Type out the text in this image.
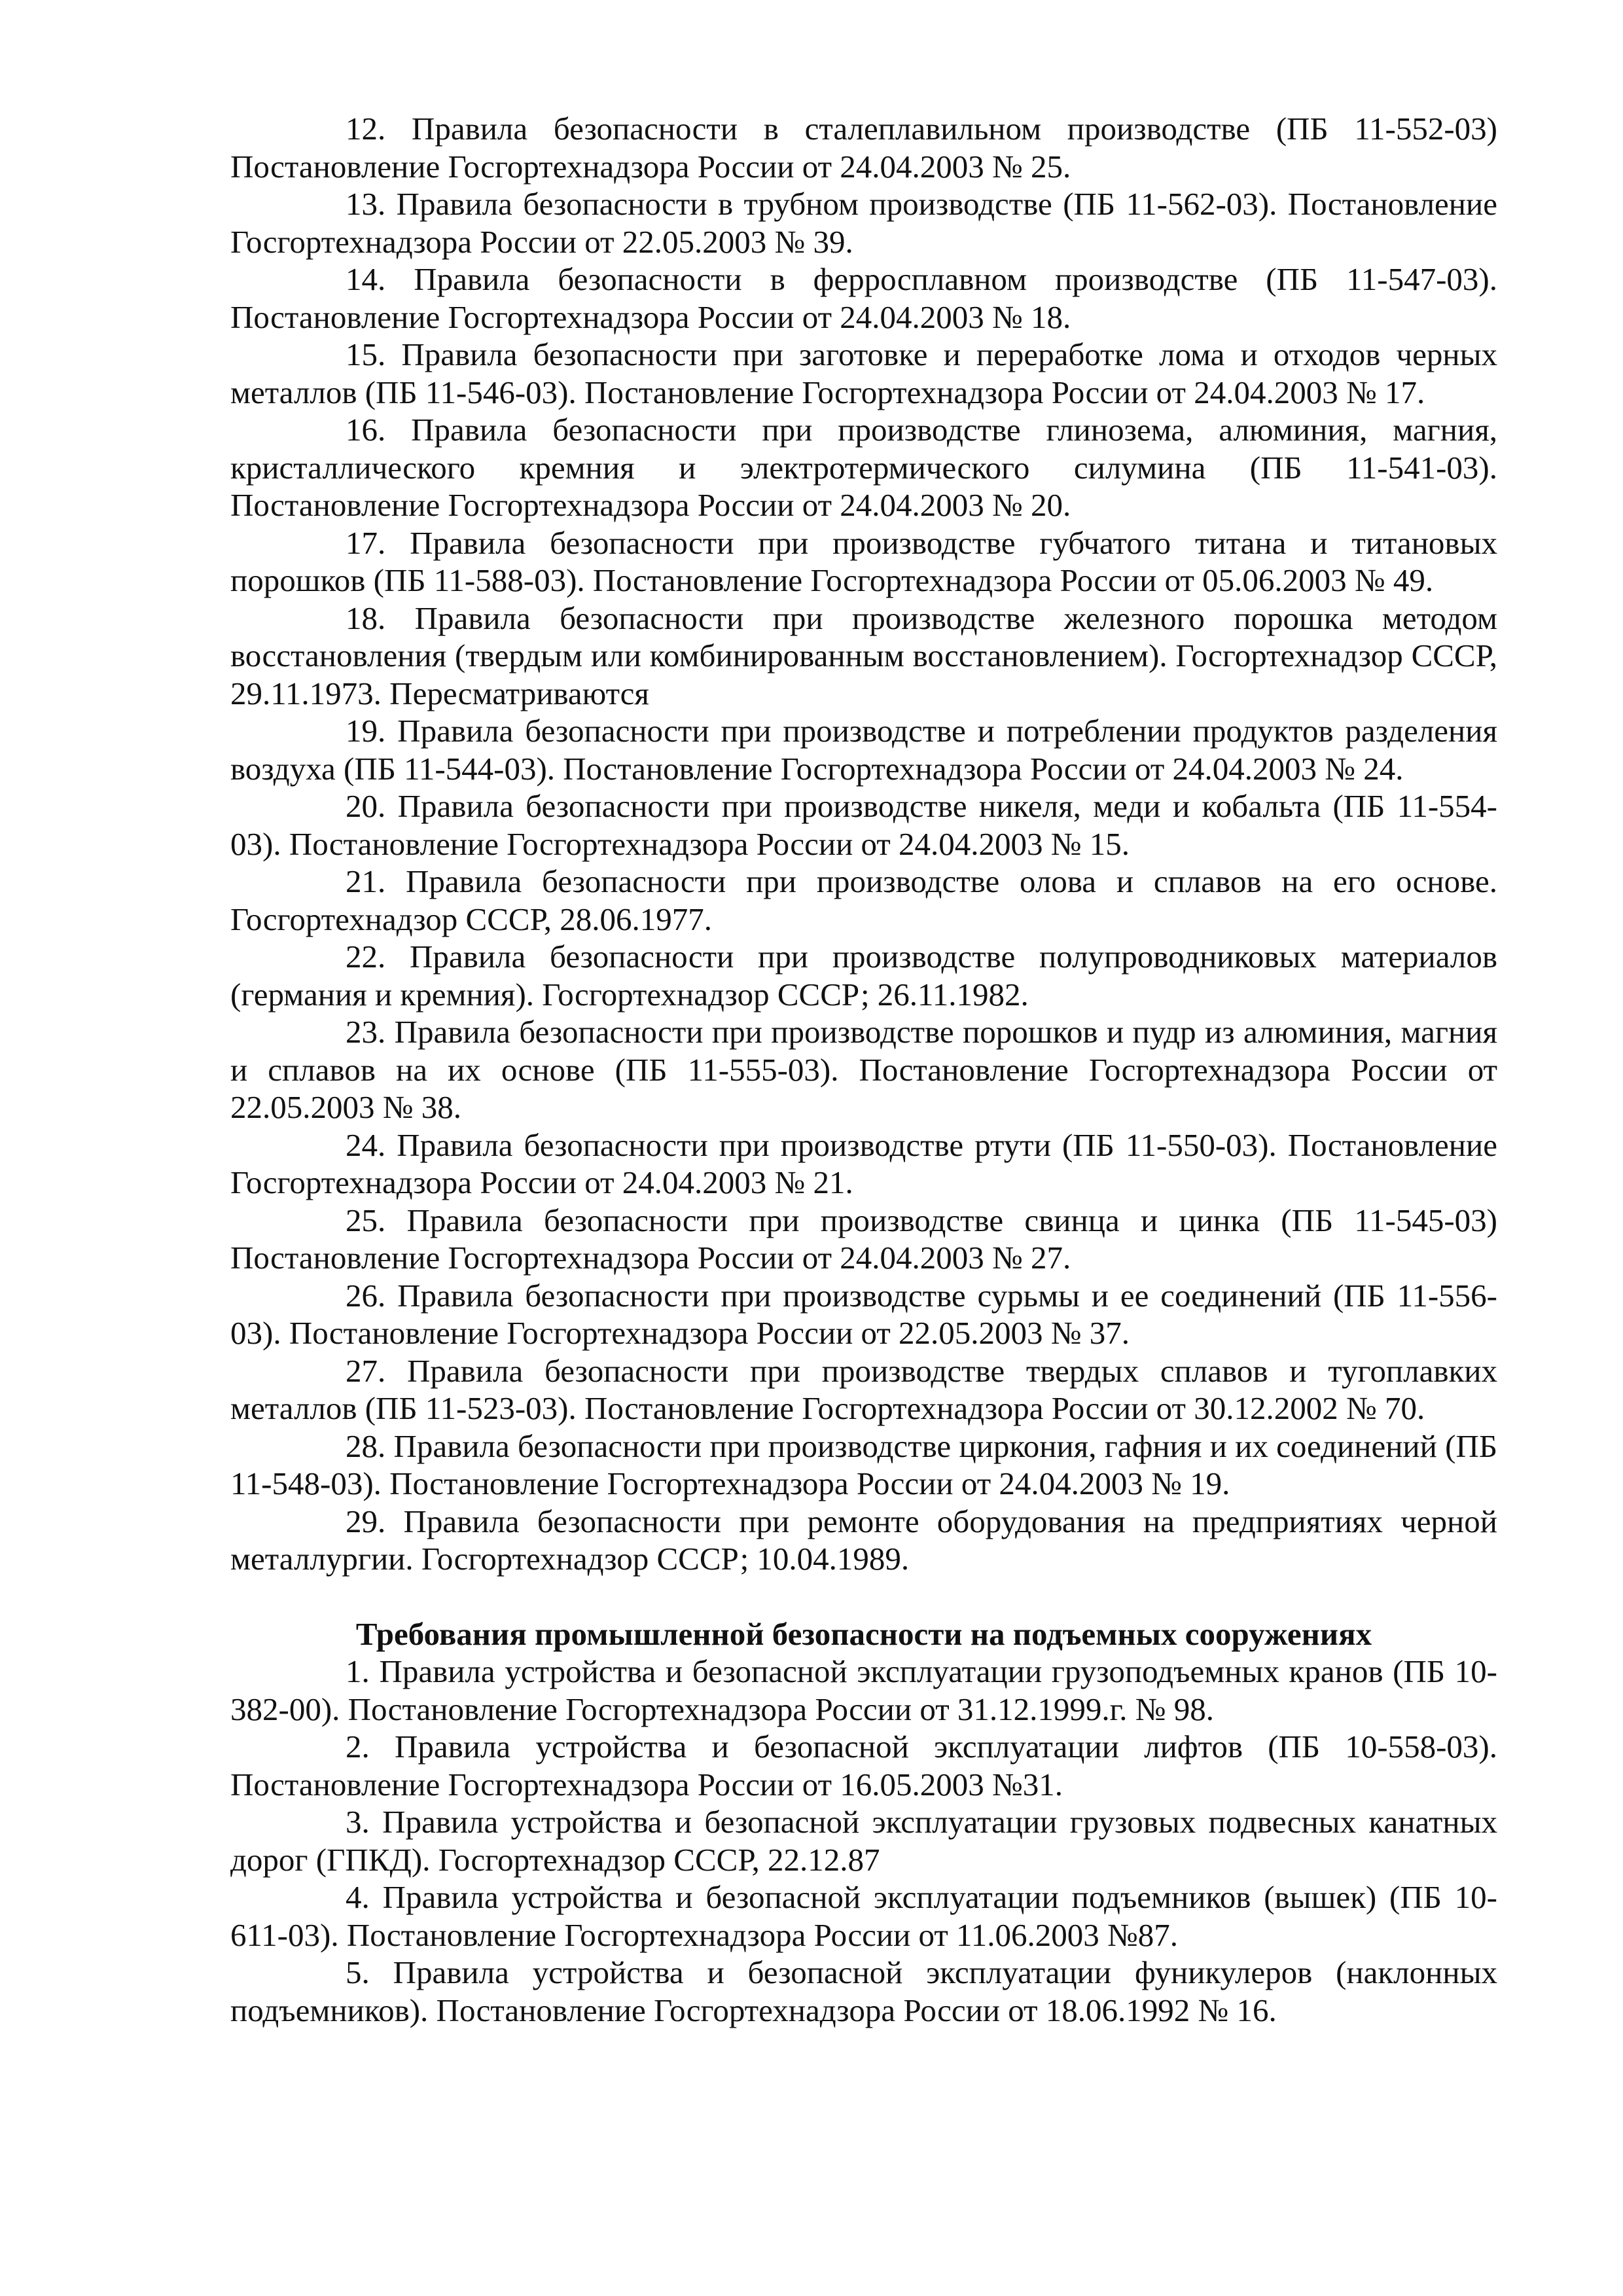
12. Правила безопасности в сталеплавильном производстве (ПБ 11-552-03) Постановление Госгортехнадзора России от 24.04.2003 № 25.

13. Правила безопасности в трубном производстве (ПБ 11-562-03). Постановление Госгортехнадзора России от 22.05.2003 № 39.

14. Правила безопасности в ферросплавном производстве (ПБ 11-547-03). Постановление Госгортехнадзора России от 24.04.2003 № 18.

15. Правила безопасности при заготовке и переработке лома и отходов черных металлов (ПБ 11-546-03). Постановление Госгортехнадзора России от 24.04.2003 № 17.

16. Правила безопасности при производстве глинозема, алюминия, магния, кристаллического кремния и электротермического силумина (ПБ 11-541-03). Постановление Госгортехнадзора России от 24.04.2003 № 20.

17. Правила безопасности при производстве губчатого титана и титановых порошков (ПБ 11-588-03). Постановление Госгортехнадзора России от 05.06.2003 № 49.

18. Правила безопасности при производстве железного порошка методом восстановления (твердым или комбинированным восстановлением). Госгортехнадзор СССР, 29.11.1973. Пересматриваются

19. Правила безопасности при производстве и потреблении продуктов разделения воздуха (ПБ 11-544-03). Постановление Госгортехнадзора России от 24.04.2003 № 24.

20. Правила безопасности при производстве никеля, меди и кобальта (ПБ 11-554-03). Постановление Госгортехнадзора России от 24.04.2003 № 15.

21. Правила безопасности при производстве олова и сплавов на его основе. Госгортехнадзор СССР, 28.06.1977.

22. Правила безопасности при производстве полупроводниковых материалов (германия и кремния). Госгортехнадзор СССР; 26.11.1982.

23. Правила безопасности при производстве порошков и пудр из алюминия, магния и сплавов на их основе (ПБ 11-555-03). Постановление Госгортехнадзора России от 22.05.2003 № 38.

24. Правила безопасности при производстве ртути (ПБ 11-550-03). Постановление Госгортехнадзора России от 24.04.2003 № 21.

25. Правила безопасности при производстве свинца и цинка (ПБ 11-545-03) Постановление Госгортехнадзора России от 24.04.2003 № 27.

26. Правила безопасности при производстве сурьмы и ее соединений (ПБ 11-556-03). Постановление Госгортехнадзора России от 22.05.2003 № 37.

27. Правила безопасности при производстве твердых сплавов и тугоплавких металлов (ПБ 11-523-03). Постановление Госгортехнадзора России от 30.12.2002 № 70.

28. Правила безопасности при производстве циркония, гафния и их соединений (ПБ 11-548-03). Постановление Госгортехнадзора России от 24.04.2003 № 19.

29. Правила безопасности при ремонте оборудования на предприятиях черной металлургии. Госгортехнадзор СССР; 10.04.1989.

Требования промышленной безопасности на подъемных сооружениях

1. Правила устройства и безопасной эксплуатации грузоподъемных кранов (ПБ 10-382-00). Постановление Госгортехнадзора России от 31.12.1999.г. № 98.

2. Правила устройства и безопасной эксплуатации лифтов (ПБ 10-558-03). Постановление Госгортехнадзора России от 16.05.2003 №31.

3. Правила устройства и безопасной эксплуатации грузовых подвесных канатных дорог (ГПКД). Госгортехнадзор СССР, 22.12.87

4. Правила устройства и безопасной эксплуатации подъемников (вышек) (ПБ 10-611-03). Постановление Госгортехнадзора России от 11.06.2003 №87.

5. Правила устройства и безопасной эксплуатации фуникулеров (наклонных подъемников). Постановление Госгортехнадзора России от 18.06.1992 № 16.
